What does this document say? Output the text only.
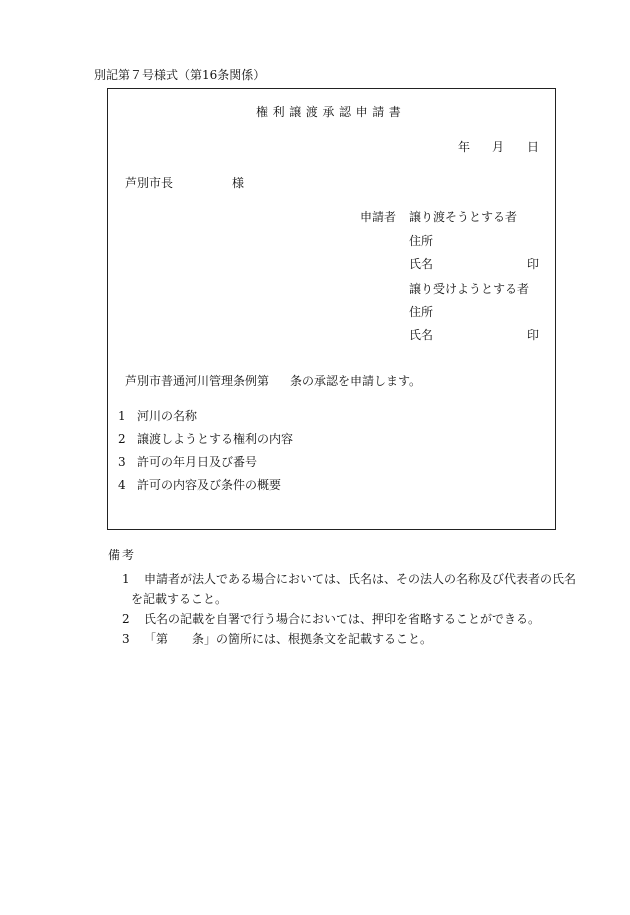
別記第７号様式（第16条関係）
権利譲渡承認申請書
年 月 日
芦別市長	様
申請者 譲り渡そうとする者
住所
氏名	印
譲り受けようとする者
住所
氏名	印
芦別市普通河川管理条例第 条の承認を申請します。
1 河川の名称
2 譲渡しようとする権利の内容
3 許可の年月日及び番号
4 許可の内容及び条件の概要
備考
1 申請者が法人である場合においては、氏名は、その法人の名称及び代表者の氏名
を記載すること。
2 氏名の記載を自署で行う場合においては、押印を省略することができる。
3 「第　　条」の箇所には、根拠条文を記載すること。
